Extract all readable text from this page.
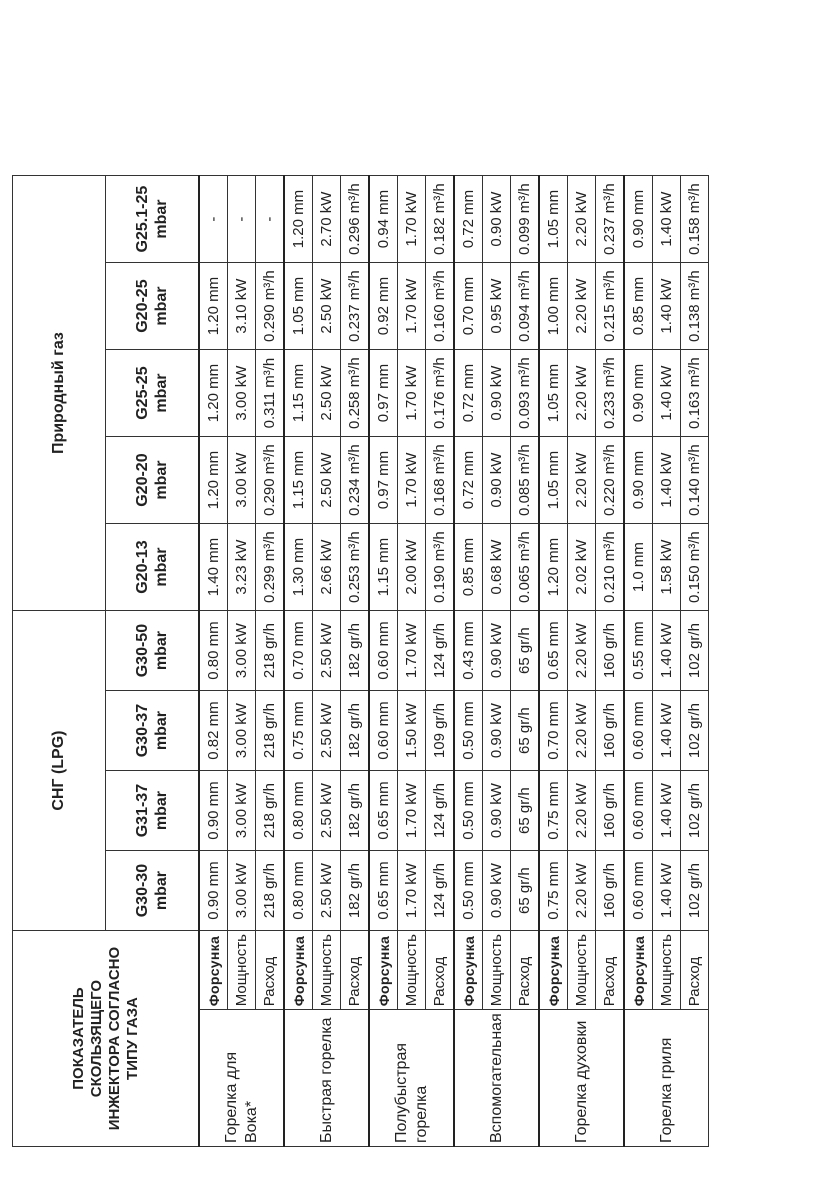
ПОКАЗАТЕЛЬ СКОЛЬЗЯЩЕГО ИНЖЕКТОРА СОГЛАСНО ТИПУ ГАЗА		СНГ (LPG)				Природный газ				
		G30-30 mbar	G31-37 mbar	G30-37 mbar	G30-50 mbar	G20-13 mbar	G20-20 mbar	G25-25 mbar	G20-25 mbar	G25.1-25 mbar
Горелка для Вока*	Форсунка	0.90 mm	0.90 mm	0.82 mm	0.80 mm	1.40 mm	1.20 mm	1.20 mm	1.20 mm	-
	Мощность	3.00 kW	3.00 kW	3.00 kW	3.00 kW	3.23 kW	3.00 kW	3.00 kW	3.10 kW	-
	Расход	218 gr/h	218 gr/h	218 gr/h	218 gr/h	0.299 m³/h	0.290 m³/h	0.311 m³/h	0.290 m³/h	-
Быстрая горелка	Форсунка	0.80 mm	0.80 mm	0.75 mm	0.70 mm	1.30 mm	1.15 mm	1.15 mm	1.05 mm	1.20 mm
	Мощность	2.50 kW	2.50 kW	2.50 kW	2.50 kW	2.66 kW	2.50 kW	2.50 kW	2.50 kW	2.70 kW
	Расход	182 gr/h	182 gr/h	182 gr/h	182 gr/h	0.253 m³/h	0.234 m³/h	0.258 m³/h	0.237 m³/h	0.296 m³/h
Полубыстрая горелка	Форсунка	0.65 mm	0.65 mm	0.60 mm	0.60 mm	1.15 mm	0.97 mm	0.97 mm	0.92 mm	0.94 mm
	Мощность	1.70 kW	1.70 kW	1.50 kW	1.70 kW	2.00 kW	1.70 kW	1.70 kW	1.70 kW	1.70 kW
	Расход	124 gr/h	124 gr/h	109 gr/h	124 gr/h	0.190 m³/h	0.168 m³/h	0.176 m³/h	0.160 m³/h	0.182 m³/h
Вспомогательная	Форсунка	0.50 mm	0.50 mm	0.50 mm	0.43 mm	0.85 mm	0.72 mm	0.72 mm	0.70 mm	0.72 mm
	Мощность	0.90 kW	0.90 kW	0.90 kW	0.90 kW	0.68 kW	0.90 kW	0.90 kW	0.95 kW	0.90 kW
	Расход	65 gr/h	65 gr/h	65 gr/h	65 gr/h	0.065 m³/h	0.085 m³/h	0.093 m³/h	0.094 m³/h	0.099 m³/h
Горелка духовки	Форсунка	0.75 mm	0.75 mm	0.70 mm	0.65 mm	1.20 mm	1.05 mm	1.05 mm	1.00 mm	1.05 mm
	Мощность	2.20 kW	2.20 kW	2.20 kW	2.20 kW	2.02 kW	2.20 kW	2.20 kW	2.20 kW	2.20 kW
	Расход	160 gr/h	160 gr/h	160 gr/h	160 gr/h	0.210 m³/h	0.220 m³/h	0.233 m³/h	0.215 m³/h	0.237 m³/h
Горелка гриля	Форсунка	0.60 mm	0.60 mm	0.60 mm	0.55 mm	1.0 mm	0.90 mm	0.90 mm	0.85 mm	0.90 mm
	Мощность	1.40 kW	1.40 kW	1.40 kW	1.40 kW	1.58 kW	1.40 kW	1.40 kW	1.40 kW	1.40 kW
	Расход	102 gr/h	102 gr/h	102 gr/h	102 gr/h	0.150 m³/h	0.140 m³/h	0.163 m³/h	0.138 m³/h	0.158 m³/h
